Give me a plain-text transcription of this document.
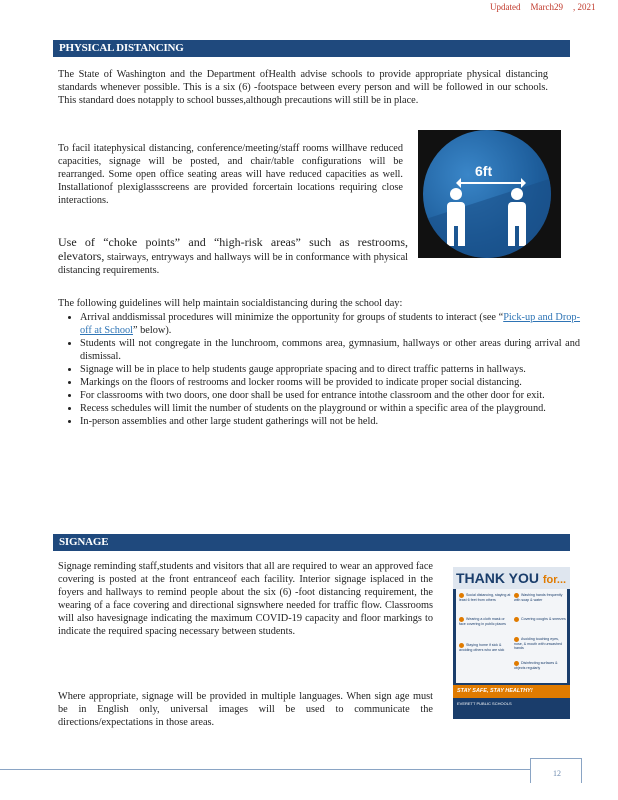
Updated March29 , 2021
PHYSICAL DISTANCING

The State of Washington and the Department ofHealth advise schools to provide appropriate physical distancing standards whenever possible. This is a six (6) -footspace between every person and will be followed in our schools. This standard does notapply to school busses,although precautions will still be in place.

To facil itatephysical distancing, conference/meeting/staff rooms willhave reduced capacities, signage will be posted, and chair/table configurations will be rearranged. Some open office seating areas will have reduced capacities as well. Installationof plexiglassscreens are provided forcertain locations requiring close interactions.

Use of “choke points” and “high-risk areas” such as restrooms, elevators, stairways, entryways and hallways will be in conformance with physical distancing requirements.

6ft

The following guidelines will help maintain socialdistancing during the school day:

• Arrival anddismissal procedures will minimize the opportunity for groups of students to interact (see “Pick-up and Drop-off at School” below).
• Students will not congregate in the lunchroom, commons area, gymnasium, hallways or other areas during arrival and dismissal.
• Signage will be in place to help students gauge appropriate spacing and to direct traffic patterns in hallways.
• Markings on the floors of restrooms and locker rooms will be provided to indicate proper social distancing.
• For classrooms with two doors, one door shall be used for entrance intothe classroom and the other door for exit.
• Recess schedules will limit the number of students on the playground or within a specific area of the playground.
• In-person assemblies and other large student gatherings will not be held.
SIGNAGE

Signage reminding staff,students and visitors that all are required to wear an approved face covering is posted at the front entranceof each facility. Interior signage isplaced in the foyers and hallways to remind people about the six (6) -foot distancing requirement, the wearing of a face covering and directional signswhere needed for traffic flow. Classrooms will also havesignage indicating the maximum COVID-19 capacity and floor markings to indicate the required spacing necessary between students.

Where appropriate, signage will be provided in multiple languages. When sign age must be in English only, universal images will be used to communicate the directions/expectations in those areas.

THANK YOU for...
Social distancing, staying at least 6 feet from others
Washing hands frequently with soap & water
Wearing a cloth mask or face covering in public places
Covering coughs & sneezes
Staying home if sick & avoiding others who are sick
Avoiding touching eyes, nose, & mouth with unwashed hands
Disinfecting surfaces & objects regularly
STAY SAFE, STAY HEALTHY!
EVERETT PUBLIC SCHOOLS
12
